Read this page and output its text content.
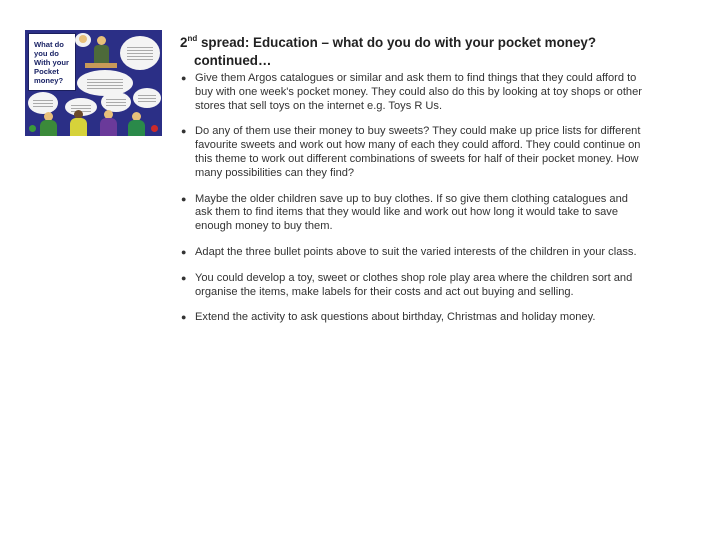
What do
you do
With your
Pocket
money?
2nd spread: Education – what do you do with your pocket money?
continued…
● Give them Argos catalogues or similar and ask them to find things that they could afford to buy with one week's pocket money. They could also do this by looking at toy shops or other stores that sell toys on the internet e.g. Toys R Us.
● Do any of them use their money to buy sweets? They could make up price lists for different favourite sweets and work out how many of each they could afford. They could continue on this theme to work out different combinations of sweets for half of their pocket money. How many possibilities can they find?
● Maybe the older children save up to buy clothes. If so give them clothing catalogues and ask them to find items that they would like and work out how long it would take to save enough money to buy them.
● Adapt the three bullet points above to suit the varied interests of the children in your class.
● You could develop a toy, sweet or clothes shop role play area where the children sort and organise the items, make labels for their costs and act out buying and selling.
● Extend the activity to ask questions about birthday, Christmas and holiday money.
